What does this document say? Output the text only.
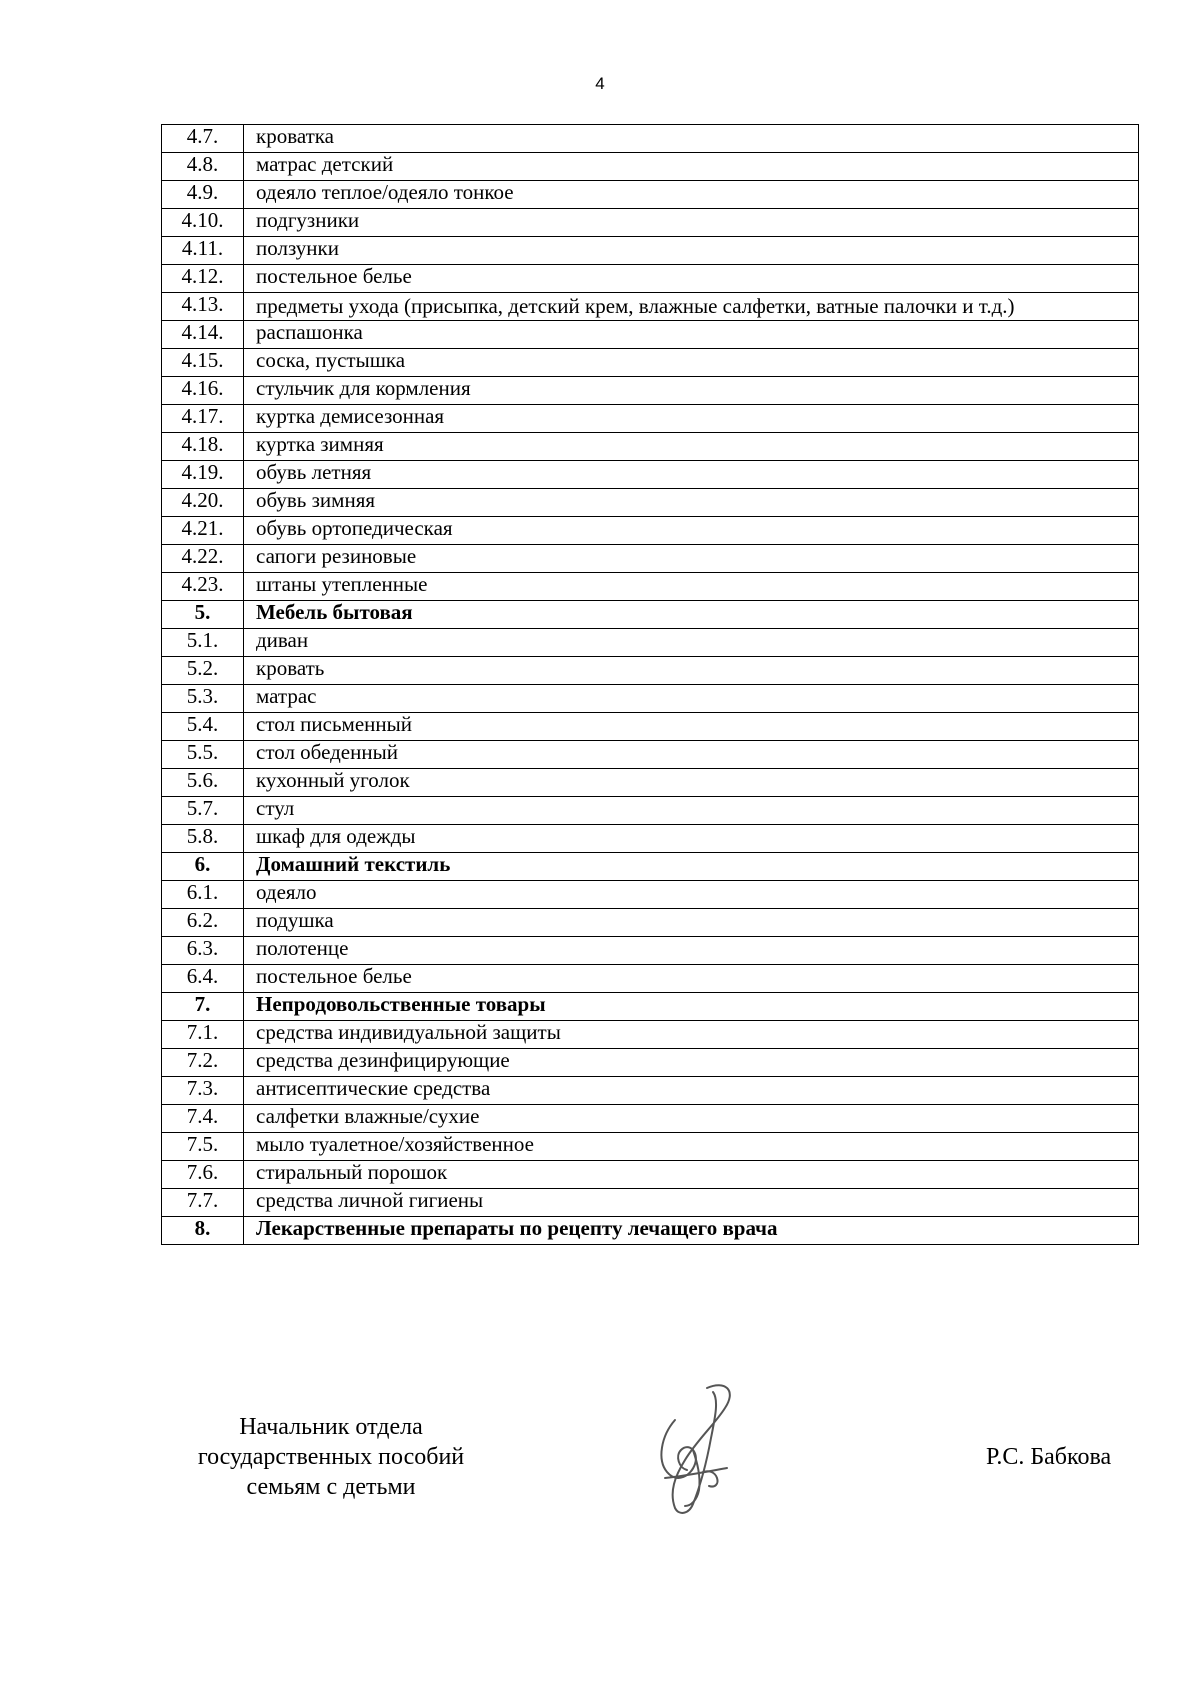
4
4.7.	кроватка
4.8.	матрас детский
4.9.	одеяло теплое/одеяло тонкое
4.10.	подгузники
4.11.	ползунки
4.12.	постельное белье
4.13.	предметы ухода (присыпка, детский крем, влажные салфетки, ватные палочки и т.д.)
4.14.	распашонка
4.15.	соска, пустышка
4.16.	стульчик для кормления
4.17.	куртка демисезонная
4.18.	куртка зимняя
4.19.	обувь летняя
4.20.	обувь зимняя
4.21.	обувь ортопедическая
4.22.	сапоги резиновые
4.23.	штаны утепленные
5.	Мебель бытовая
5.1.	диван
5.2.	кровать
5.3.	матрас
5.4.	стол письменный
5.5.	стол обеденный
5.6.	кухонный уголок
5.7.	стул
5.8.	шкаф для одежды
6.	Домашний текстиль
6.1.	одеяло
6.2.	подушка
6.3.	полотенце
6.4.	постельное белье
7.	Непродовольственные товары
7.1.	средства индивидуальной защиты
7.2.	средства дезинфицирующие
7.3.	антисептические средства
7.4.	салфетки влажные/сухие
7.5.	мыло туалетное/хозяйственное
7.6.	стиральный порошок
7.7.	средства личной гигиены
8.	Лекарственные препараты по рецепту лечащего врача
Начальник отдела
государственных пособий
семьям с детьми
Р.С. Бабкова
